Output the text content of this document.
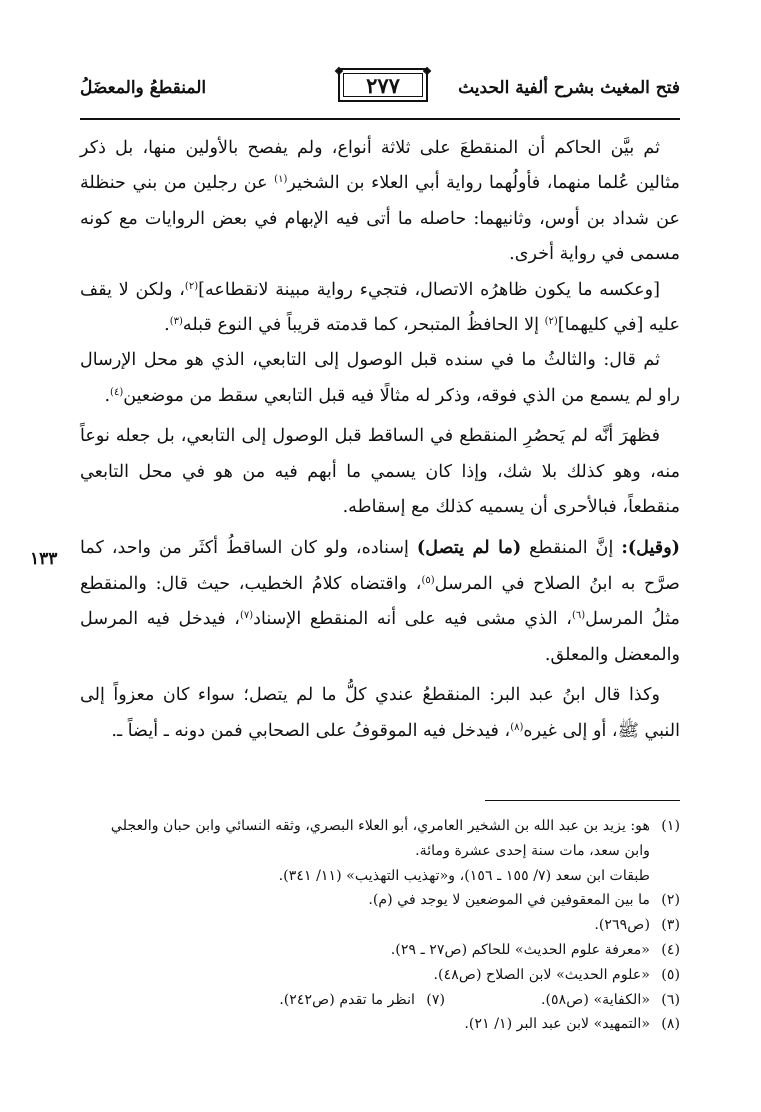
فتح المغيث بشرح ألفية الحديث
❖
❖
٢٧٧
المنقطعُ والمعضَلُ
١٣٣

ثم بيَّن الحاكم أن المنقطعَ على ثلاثة أنواع، ولم يفصح بالأولين منها، بل ذكر مثالين عُلما منهما، فأولُهما رواية أبي العلاء بن الشخير$^{(١)}$ عن رجلين من بني حنظلة عن شداد بن أوس، وثانيهما: حاصله ما أتى فيه الإبهام في بعض الروايات مع كونه مسمى في رواية أخرى.

[وعكسه ما يكون ظاهرُه الاتصال، فتجيء رواية مبينة لانقطاعه]$^{(٢)}$، ولكن لا يقف عليه [في كليهما]$^{(٢)}$ إلا الحافظُ المتبحر، كما قدمته قريباً في النوع قبله$^{(٣)}$.

ثم قال: والثالثُ ما في سنده قبل الوصول إلى التابعي، الذي هو محل الإرسال راو لم يسمع من الذي فوقه، وذكر له مثالًا فيه قبل التابعي سقط من موضعين$^{(٤)}$.

فظهرَ أنَّه لم يَحصُرِ المنقطع في الساقط قبل الوصول إلى التابعي، بل جعله نوعاً منه، وهو كذلك بلا شك، وإذا كان يسمي ما أبهم فيه من هو في محل التابعي منقطعاً، فبالأحرى أن يسميه كذلك مع إسقاطه.

(وقيل): إنَّ المنقطع (ما لم يتصل) إسناده، ولو كان الساقطُ أكثَر من واحد، كما صرَّح به ابنُ الصلاح في المرسل$^{(٥)}$، واقتضاه كلامُ الخطيب، حيث قال: والمنقطع مثلُ المرسل$^{(٦)}$، الذي مشى فيه على أنه المنقطع الإسناد$^{(٧)}$، فيدخل فيه المرسل والمعضل والمعلق.

وكذا قال ابنُ عبد البر: المنقطعُ عندي كلُّ ما لم يتصل؛ سواء كان معزواً إلى النبي ﷺ، أو إلى غيره$^{(٨)}$، فيدخل فيه الموقوفُ على الصحابي فمن دونه ـ أيضاً ـ.

(١)
هو: يزيد بن عبد الله بن الشخير العامري، أبو العلاء البصري، وثقه النسائي وابن حبان والعجلي وابن سعد، مات سنة إحدى عشرة ومائة.
طبقات ابن سعد (٧/ ١٥٥ ـ ١٥٦)، و«تهذيب التهذيب» (١١/ ٣٤١).
(٢)
ما بين المعقوفين في الموضعين لا يوجد في (م).
(٣)
(ص٢٦٩).
(٤)
«معرفة علوم الحديث» للحاكم (ص٢٧ ـ ٢٩).
(٥)
«علوم الحديث» لابن الصلاح (ص٤٨).
(٦)
«الكفاية» (ص٥٨).
(٧)
انظر ما تقدم (ص٢٤٢).
(٨)
«التمهيد» لابن عبد البر (١/ ٢١).
